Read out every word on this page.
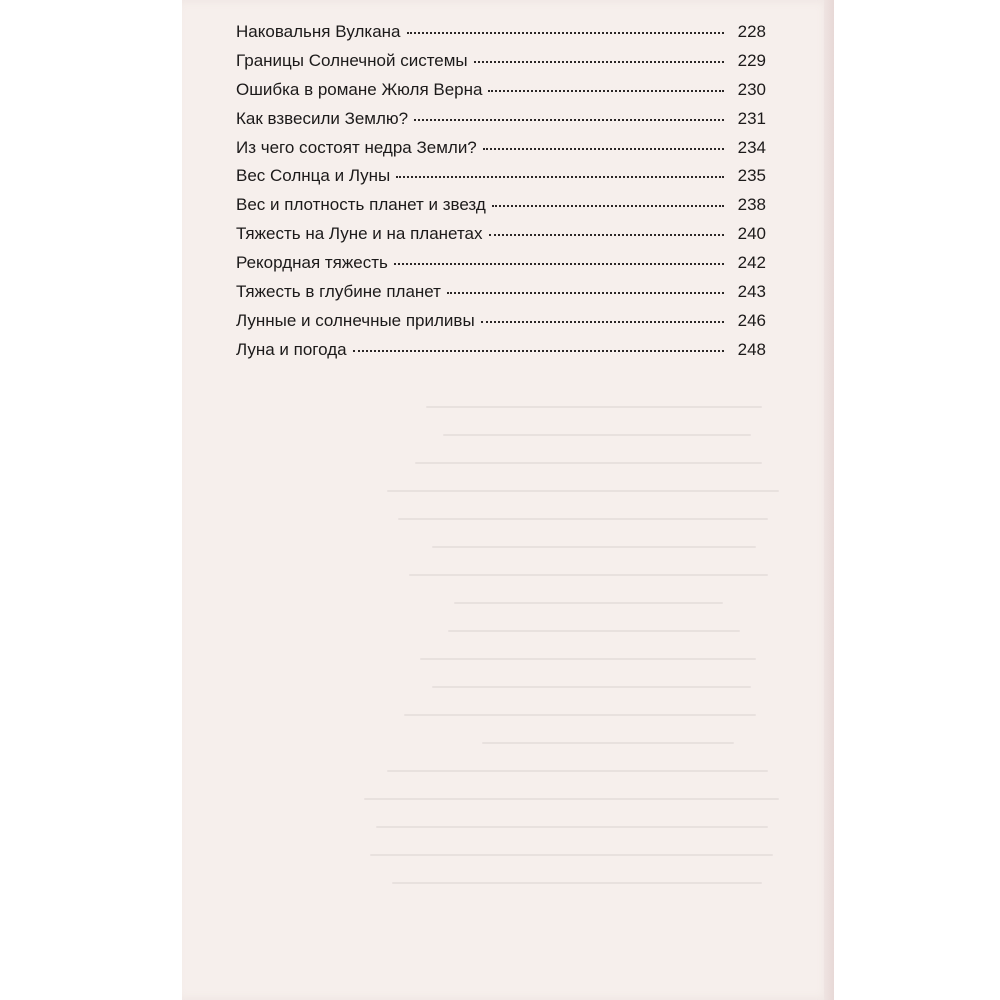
Наковальня Вулкана	228
Границы Солнечной системы	229
Ошибка в романе Жюля Верна	230
Как взвесили Землю?	231
Из чего состоят недра Земли?	234
Вес Солнца и Луны	235
Вес и плотность планет и звезд	238
Тяжесть на Луне и на планетах	240
Рекордная тяжесть	242
Тяжесть в глубине планет	243
Лунные и солнечные приливы	246
Луна и погода	248
